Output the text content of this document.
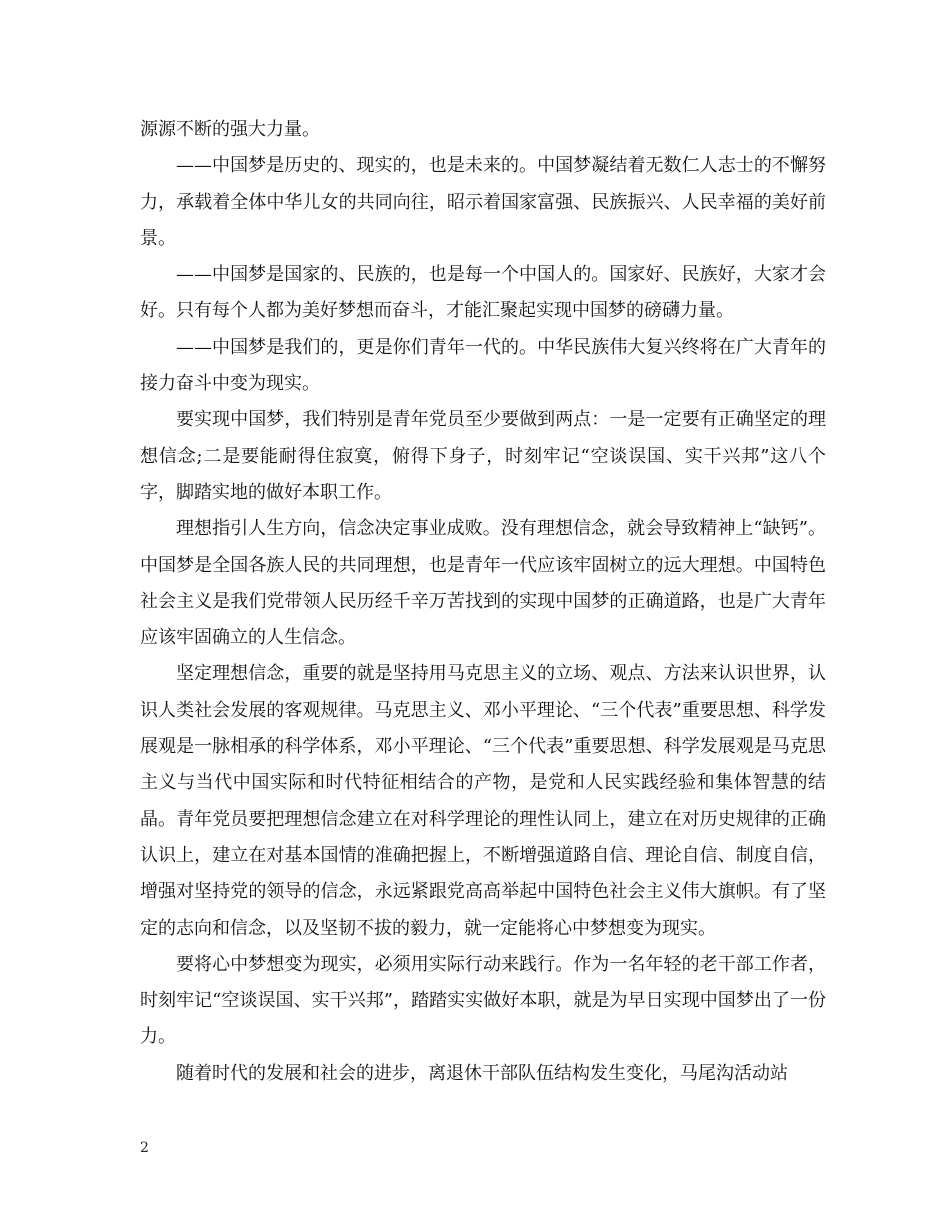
源源不断的强大力量。

——中国梦是历史的、现实的，也是未来的。中国梦凝结着无数仁人志士的不懈努力，承载着全体中华儿女的共同向往，昭示着国家富强、民族振兴、人民幸福的美好前景。

——中国梦是国家的、民族的，也是每一个中国人的。国家好、民族好，大家才会好。只有每个人都为美好梦想而奋斗，才能汇聚起实现中国梦的磅礴力量。

——中国梦是我们的，更是你们青年一代的。中华民族伟大复兴终将在广大青年的接力奋斗中变为现实。

要实现中国梦，我们特别是青年党员至少要做到两点：一是一定要有正确坚定的理想信念;二是要能耐得住寂寞，俯得下身子，时刻牢记“空谈误国、实干兴邦”这八个字，脚踏实地的做好本职工作。

理想指引人生方向，信念决定事业成败。没有理想信念，就会导致精神上“缺钙”。中国梦是全国各族人民的共同理想，也是青年一代应该牢固树立的远大理想。中国特色社会主义是我们党带领人民历经千辛万苦找到的实现中国梦的正确道路，也是广大青年应该牢固确立的人生信念。

坚定理想信念，重要的就是坚持用马克思主义的立场、观点、方法来认识世界，认识人类社会发展的客观规律。马克思主义、邓小平理论、“三个代表”重要思想、科学发展观是一脉相承的科学体系，邓小平理论、“三个代表”重要思想、科学发展观是马克思主义与当代中国实际和时代特征相结合的产物，是党和人民实践经验和集体智慧的结晶。青年党员要把理想信念建立在对科学理论的理性认同上，建立在对历史规律的正确认识上，建立在对基本国情的准确把握上，不断增强道路自信、理论自信、制度自信，增强对坚持党的领导的信念，永远紧跟党高高举起中国特色社会主义伟大旗帜。有了坚定的志向和信念，以及坚韧不拔的毅力，就一定能将心中梦想变为现实。

要将心中梦想变为现实，必须用实际行动来践行。作为一名年轻的老干部工作者，时刻牢记“空谈误国、实干兴邦”，踏踏实实做好本职，就是为早日实现中国梦出了一份力。

随着时代的发展和社会的进步，离退休干部队伍结构发生变化，马尾沟活动站

2
